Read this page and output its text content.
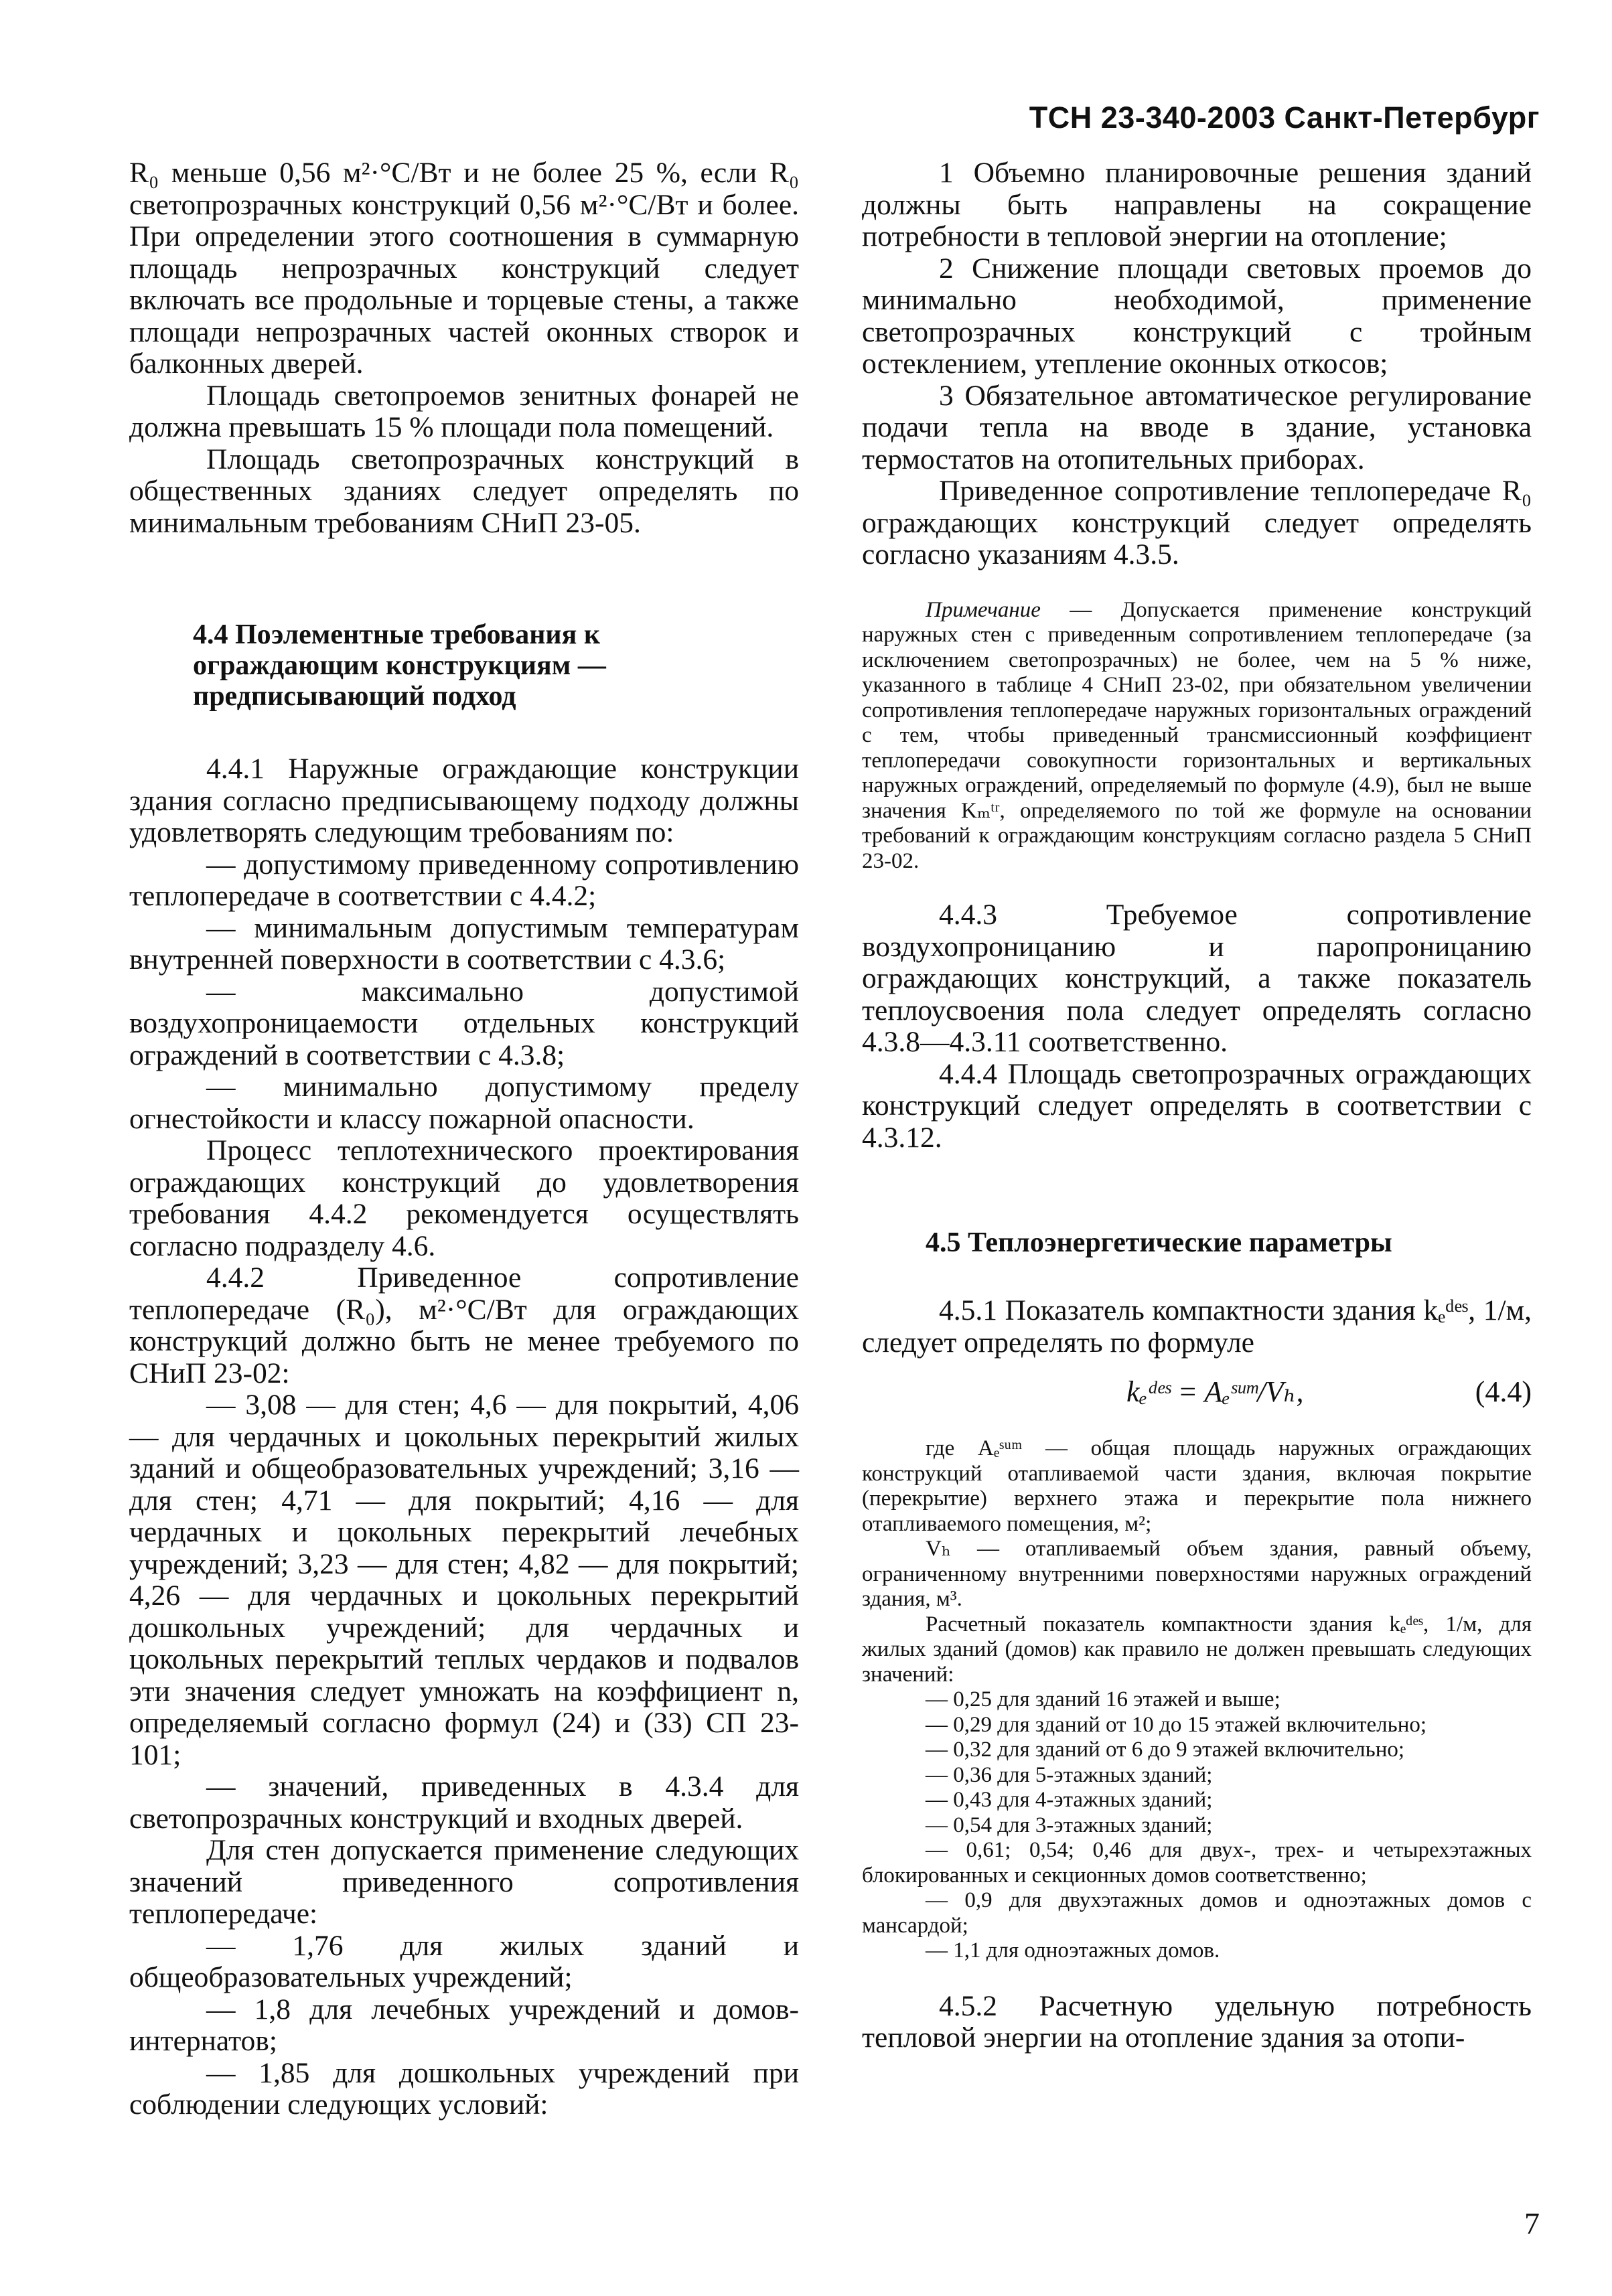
ТСН 23-340-2003 Санкт-Петербург

R₀ меньше 0,56 м²·°С/Вт и не более 25 %, если R₀ светопрозрачных конструкций 0,56 м²·°С/Вт и более. При определении этого соотношения в суммарную площадь непрозрачных конструкций следует включать все продольные и торцевые стены, а также площади непрозрачных частей оконных створок и балконных дверей.

Площадь светопроемов зенитных фонарей не должна превышать 15 % площади пола помещений.

Площадь светопрозрачных конструкций в общественных зданиях следует определять по минимальным требованиям СНиП 23-05.

4.4 Поэлементные требования к

ограждающим конструкциям —

предписывающий подход

4.4.1 Наружные ограждающие конструкции здания согласно предписывающему подходу должны удовлетворять следующим требованиям по:

— допустимому приведенному сопротивлению теплопередаче в соответствии с 4.4.2;

— минимальным допустимым температурам внутренней поверхности в соответствии с 4.3.6;

— максимально допустимой воздухопроницаемости отдельных конструкций ограждений в соответствии с 4.3.8;

— минимально допустимому пределу огнестойкости и классу пожарной опасности.

Процесс теплотехнического проектирования ограждающих конструкций до удовлетворения требования 4.4.2 рекомендуется осуществлять согласно подразделу 4.6.

4.4.2 Приведенное сопротивление теплопередаче (R₀), м²·°С/Вт для ограждающих конструкций должно быть не менее требуемого по СНиП 23-02:

— 3,08 — для стен; 4,6 — для покрытий, 4,06 — для чердачных и цокольных перекрытий жилых зданий и общеобразовательных учреждений; 3,16 — для стен; 4,71 — для покрытий; 4,16 — для чердачных и цокольных перекрытий лечебных учреждений; 3,23 — для стен; 4,82 — для покрытий; 4,26 — для чердачных и цокольных перекрытий дошкольных учреждений; для чердачных и цокольных перекрытий теплых чердаков и подвалов эти значения следует умножать на коэффициент n, определяемый согласно формул (24) и (33) СП 23-101;

— значений, приведенных в 4.3.4 для светопрозрачных конструкций и входных дверей.

Для стен допускается применение следующих значений приведенного сопротивления теплопередаче:

— 1,76 для жилых зданий и общеобразовательных учреждений;

— 1,8 для лечебных учреждений и домов-интернатов;

— 1,85 для дошкольных учреждений при соблюдении следующих условий:

1 Объемно планировочные решения зданий должны быть направлены на сокращение потребности в тепловой энергии на отопление;

2 Снижение площади световых проемов до минимально необходимой, применение светопрозрачных конструкций с тройным остеклением, утепление оконных откосов;

3 Обязательное автоматическое регулирование подачи тепла на вводе в здание, установка термостатов на отопительных приборах.

Приведенное сопротивление теплопередаче R₀ ограждающих конструкций следует определять согласно указаниям 4.3.5.

Примечание — Допускается применение конструкций наружных стен с приведенным сопротивлением теплопередаче (за исключением светопрозрачных) не более, чем на 5 % ниже, указанного в таблице 4 СНиП 23-02, при обязательном увеличении сопротивления теплопередаче наружных горизонтальных ограждений с тем, чтобы приведенный трансмиссионный коэффициент теплопередачи совокупности горизонтальных и вертикальных наружных ограждений, определяемый по формуле (4.9), был не выше значения Kₘᵗʳ, определяемого по той же формуле на основании требований к ограждающим конструкциям согласно раздела 5 СНиП 23-02.

4.4.3 Требуемое сопротивление воздухопроницанию и паропроницанию ограждающих конструкций, а также показатель теплоусвоения пола следует определять согласно 4.3.8—4.3.11 соответственно.

4.4.4 Площадь светопрозрачных ограждающих конструкций следует определять в соответствии с 4.3.12.

4.5 Теплоэнергетические параметры

4.5.1 Показатель компактности здания kₑᵈᵉˢ, 1/м, следует определять по формуле

kₑᵈᵉˢ = Aₑˢᵘᵐ/Vₕ,	(4.4)

где Aₑˢᵘᵐ — общая площадь наружных ограждающих конструкций отапливаемой части здания, включая покрытие (перекрытие) верхнего этажа и перекрытие пола нижнего отапливаемого помещения, м²;

Vₕ — отапливаемый объем здания, равный объему, ограниченному внутренними поверхностями наружных ограждений здания, м³.

Расчетный показатель компактности здания kₑᵈᵉˢ, 1/м, для жилых зданий (домов) как правило не должен превышать следующих значений:

— 0,25 для зданий 16 этажей и выше;

— 0,29 для зданий от 10 до 15 этажей включительно;

— 0,32 для зданий от 6 до 9 этажей включительно;

— 0,36 для 5-этажных зданий;

— 0,43 для 4-этажных зданий;

— 0,54 для 3-этажных зданий;

— 0,61; 0,54; 0,46 для двух-, трех- и четырехэтажных блокированных и секционных домов соответственно;

— 0,9 для двухэтажных домов и одноэтажных домов с мансардой;

— 1,1 для одноэтажных домов.

4.5.2 Расчетную удельную потребность тепловой энергии на отопление здания за отопи-

7
